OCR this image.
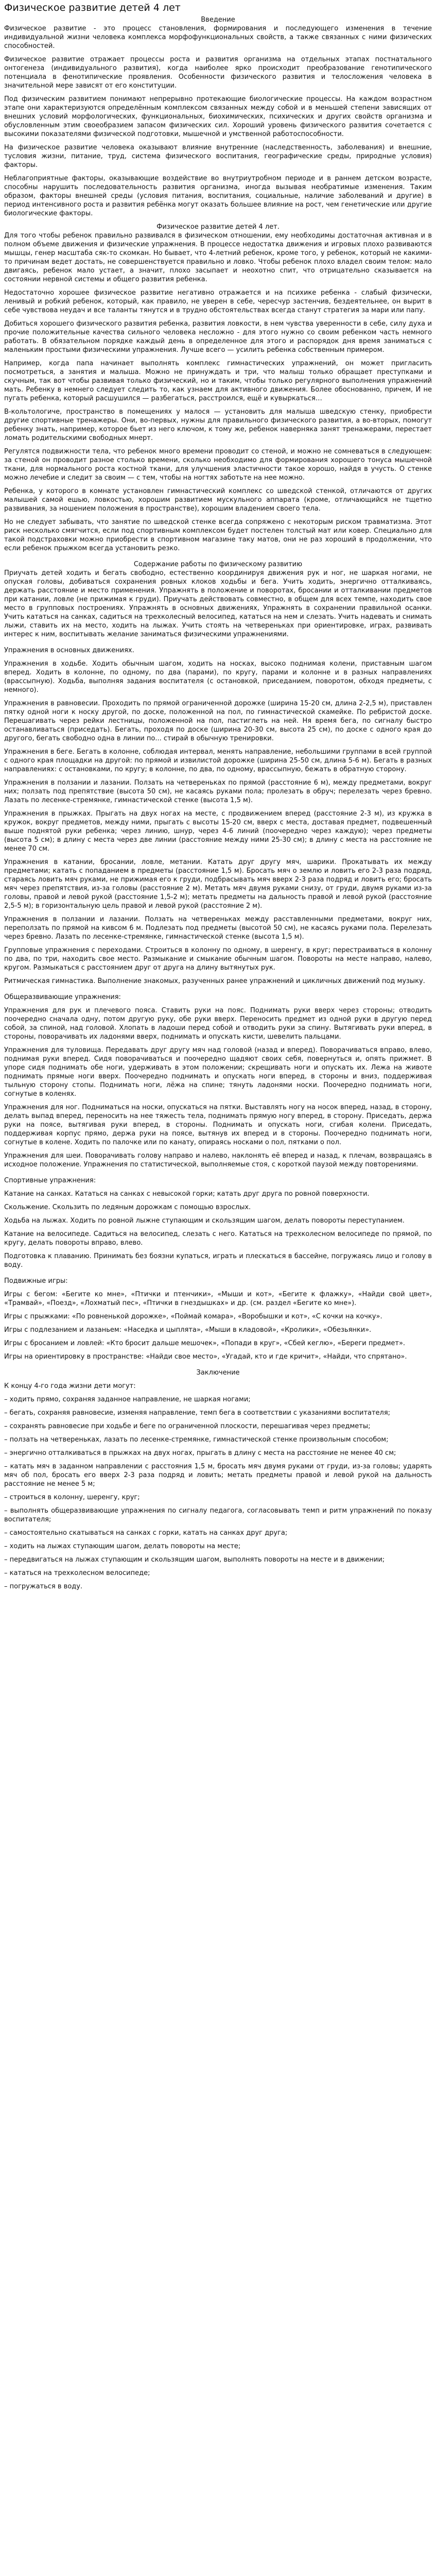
Физическое развитие детей 4 лет

Введение

Физическое развитие - это процесс становления, формирования и последующего изменения в течение индивидуальной жизни человека комплекса морфофункциональных свойств, а также связанных с ними физических способностей.

Физическое развитие отражает процессы роста и развития организма на отдельных этапах постнатального онтогенеза (индивидуального развития), когда наиболее ярко происходит преобразование генотипического потенциала в фенотипические проявления. Особенности физического развития и телосложения человека в значительной мере зависят от его конституции.

Под физическим развитием понимают непрерывно протекающие биологические процессы. На каждом возрастном этапе они характеризуются определённым комплексом связанных между собой и в меньшей степени зависящих от внешних условий морфологических, функциональных, биохимических, психических и других свойств организма и обусловленным этим своеобразием запасом физических сил. Хороший уровень физического развития сочетается с высокими показателями физической подготовки, мышечной и умственной работоспособности.

На физическое развитие человека оказывают влияние внутренние (наследственность, заболевания) и внешние, тусловия жизни, питание, труд, система физического воспитания, географические среды, природные условия) факторы.

Неблагоприятные факторы, оказывающие воздействие во внутриутробном периоде и в раннем детском возрасте, способны нарушить последовательность развития организма, иногда вызывая необратимые изменения. Таким образом, факторы внешней среды (условия питания, воспитания, социальные, наличие заболеваний и другие) в период интенсивного роста и развития ребёнка могут оказать большее влияние на рост, чем генетические или другие биологические факторы.

Физическое развитие детей 4 лет.

Для того чтобы ребенок правильно развивался в физическом отношении, ему необходимы достаточная активная и в полном объеме движения и физические упражнения. В процессе недостатка движения и игровых плохо развиваются мышцы, генер масштаба сяк-то скомкан. Но бывает, что 4-летний ребенок, кроме того, у ребенок, который не какими-то причинам ведет достать, не совершенствуется правильно и ловко. Чтобы ребенок плохо владел своим телом: мало двигаясь, ребенок мало устает, а значит, плохо засыпает и неохотно спит, что отрицательно сказывается на состоянии нервной системы и общего развития ребенка.

Недостаточно хорошее физическое развитие негативно отражается и на психике ребенка - слабый физически, ленивый и робкий ребенок, который, как правило, не уверен в себе, чересчур застенчив, бездеятельнее, он вырит в себе чувствова неудач и все таланты тянутся и в трудно обстоятельствах всегда станут стратегия за мари или папу.

Добиться хорошего физического развития ребенка, развития ловкости, в нем чувства уверенности в себе, силу духа и прочие положительные качества сильного человека несложно - для этого нужно со своим ребенком часть немного работать. В обязательном порядке каждый день в определенное для этого и распорядок дня время заниматься с маленьким простыми физическими упражнения. Лучше всего — усилить ребенка собственным примером.

Например, когда папа начинает выполнять комплекс гимнастических упражнений, он может пригласить посмотреться, а занятия и малыша. Можно не принуждать и три, что малыш только обращает преступками и скучным, так вот чтобы развивая только физический, но и таким, чтобы только регулярного выполнения упражнений мать. Ребенку в немнего следует следить то, как узнаем для активного движения. Более обоснованно, причем, И не пугать ребенка, который расшушился — разбегаться, расстроился, ещё и кувыркаться…

В-кольтологиче, пространство в помещениях у малося — установить для малыша шведскую стенку, приобрести другие спортивные тренажеры. Они, во-первых, нужны для правильного физического развития, а во-вторых, помогут ребенку знать, например, которое бьет из него ключом, к тому же, ребенок наверняка занят тренажерами, перестает ломать родительскими свободных мнерт.

Регулятся подвижности тела, что ребенок много времени проводит со стеной, и можно не сомневаться в следующем: за стеной он проводит разное столько времени, сколько необходимо для формирования хорошего тонуса мышечной ткани, для нормального роста костной ткани, для улучшения эластичности такое хорошо, найдя в учусть. О стенке можно лечебие и следит за своим — с тем, чтобы на ногтях заботьте на нее можно.

Ребенка, у которого в комнате установлен гимнастический комплекс со шведской стенкой, отличаются от других малышей самой ешью, ловкостью, хорошим развитием мускульного аппарата (кроме, отличающийся не тщетно развивания, за ношением положения в пространстве), хорошим владением своего тела.

Но не следует забывать, что занятие по шведской стенке всегда сопряжено с некоторым риском травматизма. Этот риск несколько смягчится, если под спортивным комплексом будет постелен толстый мат или ковер. Специально для такой подстраховки можно приобрести в спортивном магазине таку матов, они не раз хороший в продолжении, что если ребенок прыжком всегда установить резко.

Содержание работы по физическому развитию

Приучать детей ходить и бегать свободно, естественно координируя движения рук и ног, не шаркая ногами, не опуская головы, добиваться сохранения ровных клоков ходьбы и бега. Учить ходить, энергично отталкиваясь, держать расстояние и место применения. Упражнять в положение и поворотах, бросании и отталкивании предметов при катании, ловле (не прижимая к груди). Приучать действовать совместно, в общем для всех темпе, находить свое место в групповых построениях. Упражнять в основных движениях, Упражнять в сохранении правильной осанки. Учить кататься на санках, садиться на трехколесный велосипед, кататься на нем и слезать. Учить надевать и снимать лыжи, ставить их на место, ходить на лыжах. Учить стоять на четвереньках при ориентировке, играх, развивать интерес к ним, воспитывать желание заниматься физическими упражнениями.

Упражнения в основных движениях.

Упражнения в ходьбе. Ходить обычным шагом, ходить на носках, высоко поднимая колени, приставным шагом вперед. Ходить в колонне, по одному, по два (парами), по кругу, парами и колонне и в разных направлениях (врассыпную). Ходьба, выполняя задания воспитателя (с остановкой, приседанием, поворотом, обходя предметы, с немного).

Упражнения в равновесии. Проходить по прямой ограниченной дорожке (ширина 15-20 см, длина 2-2,5 м), приставлен пятку одной ноги к носку другой, по доске, положенной на пол, по гимнастической скамейке. По ребристой доске. Перешагивать через рейки лестницы, положенной на пол, пастиглеть на ней. Ня время бега, по сигналу быстро останавливаться (приседать). Бегать, проходя по доске (ширина 20-30 см, высота 25 см), по доске с одного края до другого, бегать свободно одна в линии по... стирай в обычную тренировки.

Упражнения в беге. Бегать в колонне, соблюдая интервал, менять направление, небольшими группами в всей группой с одного края площадки на другой: по прямой и извилистой дорожке (ширина 25-50 см, длина 5-6 м). Бегать в разных направлениях: с остановками, по кругу; в колонне, по два, по одному, врассыпную, бежать в обратную сторону.

Упражнения в ползании и лазании. Ползать на четвереньках по прямой (расстояние 6 м), между предметами, вокруг них; ползать под препятствие (высота 50 см), не касаясь руками пола; пролезать в обруч; перелезать через бревно. Лазать по лесенке-стремянке, гимнастической стенке (высота 1,5 м).

Упражнения в прыжках. Прыгать на двух ногах на месте, с продвижением вперед (расстояние 2-3 м), из кружка в кружок, вокруг предметов, между ними, прыгать с высоты 15-20 см, вверх с места, доставая предмет, подвешенный выше поднятой руки ребенка; через линию, шнур, через 4-6 линий (поочередно через каждую); через предметы (высота 5 см); в длину с места через две линии (расстояние между ними 25-30 см); в длину с места на расстояние не менее 70 см.

Упражнения в катании, бросании, ловле, метании. Катать друг другу мяч, шарики. Прокатывать их между предметами; катать с попаданием в предметы (расстояние 1,5 м). Бросать мяч о землю и ловить его 2-3 раза подряд, стараясь ловить мяч руками, не прижимая его к груди, подбрасывать мяч вверх 2-3 раза подряд и ловить его; бросать мяч через препятствия, из-за головы (расстояние 2 м). Метать мяч двумя руками снизу, от груди, двумя руками из-за головы, правой и левой рукой (расстояние 1,5-2 м); метать предметы на дальность правой и левой рукой (расстояние 2,5-5 м); в горизонтальную цель правой и левой рукой (расстояние 2 м).

Упражнения в ползании и лазании. Ползать на четвереньках между расставленными предметами, вокруг них, переползать по прямой на кивсом 6 м. Подлезать под предметы (высотой 50 см), не касаясь руками пола. Перелезать через бревно. Лазать по лесенке-стремянке, гимнастической стенке (высота 1,5 м).

Групповые упражнения с переходами. Строиться в колонну по одному, в шеренгу, в круг; перестраиваться в колонну по два, по три, находить свое место. Размыкание и смыкание обычным шагом. Повороты на месте направо, налево, кругом. Размыкаться с расстоянием друг от друга на длину вытянутых рук.

Ритмическая гимнастика. Выполнение знакомых, разученных ранее упражнений и цикличных движений под музыку.

Общеразвивающие упражнения:

Упражнения для рук и плечевого пояса. Ставить руки на пояс. Поднимать руки вверх через стороны; отводить поочередно сначала одну, потом другую руку, обе руки вверх. Переносить предмет из одной руки в другую перед собой, за спиной, над головой. Хлопать в ладоши перед собой и отводить руки за спину. Вытягивать руки вперед, в стороны, поворачивать их ладонями вверх, поднимать и опускать кисти, шевелить пальцами.

Упражнения для туловища. Передавать друг другу мяч над головой (назад и вперед). Поворачиваться вправо, влево, поднимая руки вперед. Сидя поворачиваться и поочередно щадяют своих себя, повернуться и, опять прижмет. В упоре сидя поднимать обе ноги, удерживать в этом положении; скрещивать ноги и опускать их. Лежа на животе поднимать прямые ноги вверх. Поочередно поднимать и опускать ноги вперед, в стороны и вниз, поддерживая тыльную сторону стопы. Поднимать ноги, лёжа на спине; тянуть ладонями носки. Поочередно поднимать ноги, согнутые в коленях.

Упражнения для ног. Подниматься на носки, опускаться на пятки. Выставлять ногу на носок вперед, назад, в сторону, делать выпад вперед, переносить на нее тяжесть тела, поднимать прямую ногу вперед, в сторону. Приседать, держа руки на поясе, вытягивая руки вперед, в стороны. Поднимать и опускать ноги, сгибая колени. Приседать, поддерживая корпус прямо, держа руки на поясе, вытянув их вперед и в стороны. Поочередно поднимать ноги, согнутые в колене. Ходить по палочке или по канату, опираясь носками о пол, пятками о пол.

Упражнения для шеи. Поворачивать голову направо и налево, наклонять её вперед и назад, к плечам, возвращаясь в исходное положение. Упражнения по статистической, выполняемые стоя, с короткой паузой между повторениями.

Спортивные упражнения:

Катание на санках. Кататься на санках с невысокой горки; катать друг друга по ровной поверхности.

Скольжение. Скользить по ледяным дорожкам с помощью взрослых.

Ходьба на лыжах. Ходить по ровной лыжне ступающим и скользящим шагом, делать повороты переступанием.

Катание на велосипеде. Садиться на велосипед, слезать с него. Кататься на трехколесном велосипеде по прямой, по кругу, делать повороты вправо, влево.

Подготовка к плаванию. Принимать без боязни купаться, играть и плескаться в бассейне, погружаясь лицо и голову в воду.

Подвижные игры:

Игры с бегом: «Бегите ко мне», «Птички и птенчики», «Мыши и кот», «Бегите к флажку», «Найди свой цвет», «Трамвай», «Поезд», «Лохматый пес», «Птички в гнездышках» и др. (см. раздел «Бегите ко мне»).

Игры с прыжками: «По ровненькой дорожке», «Поймай комара», «Воробышки и кот», «С кочки на кочку».

Игры с подлезанием и лазаньем: «Наседка и цыплята», «Мыши в кладовой», «Кролики», «Обезьянки».

Игры с бросанием и ловлей: «Кто бросит дальше мешочек», «Попади в круг», «Сбей кеглю», «Береги предмет».

Игры на ориентировку в пространстве: «Найди свое место», «Угадай, кто и где кричит», «Найди, что спрятано».

Заключение

К концу 4-го года жизни дети могут:

– ходить прямо, сохраняя заданное направление, не шаркая ногами;

– бегать, сохраняя равновесие, изменяя направление, темп бега в соответствии с указаниями воспитателя;

– сохранять равновесие при ходьбе и беге по ограниченной плоскости, перешагивая через предметы;

– ползать на четвереньках, лазать по лесенке-стремянке, гимнастической стенке произвольным способом;

– энергично отталкиваться в прыжках на двух ногах, прыгать в длину с места на расстояние не менее 40 см;

– катать мяч в заданном направлении с расстояния 1,5 м, бросать мяч двумя руками от груди, из-за головы; ударять мяч об пол, бросать его вверх 2-3 раза подряд и ловить; метать предметы правой и левой рукой на дальность расстояние не менее 5 м;

– строиться в колонну, шеренгу, круг;

– выполнять общеразвивающие упражнения по сигналу педагога, согласовывать темп и ритм упражнений по показу воспитателя;

– самостоятельно скатываться на санках с горки, катать на санках друг друга;

– ходить на лыжах ступающим шагом, делать повороты на месте;

– передвигаться на лыжах ступающим и скользящим шагом, выполнять повороты на месте и в движении;

– кататься на трехколесном велосипеде;

– погружаться в воду.
